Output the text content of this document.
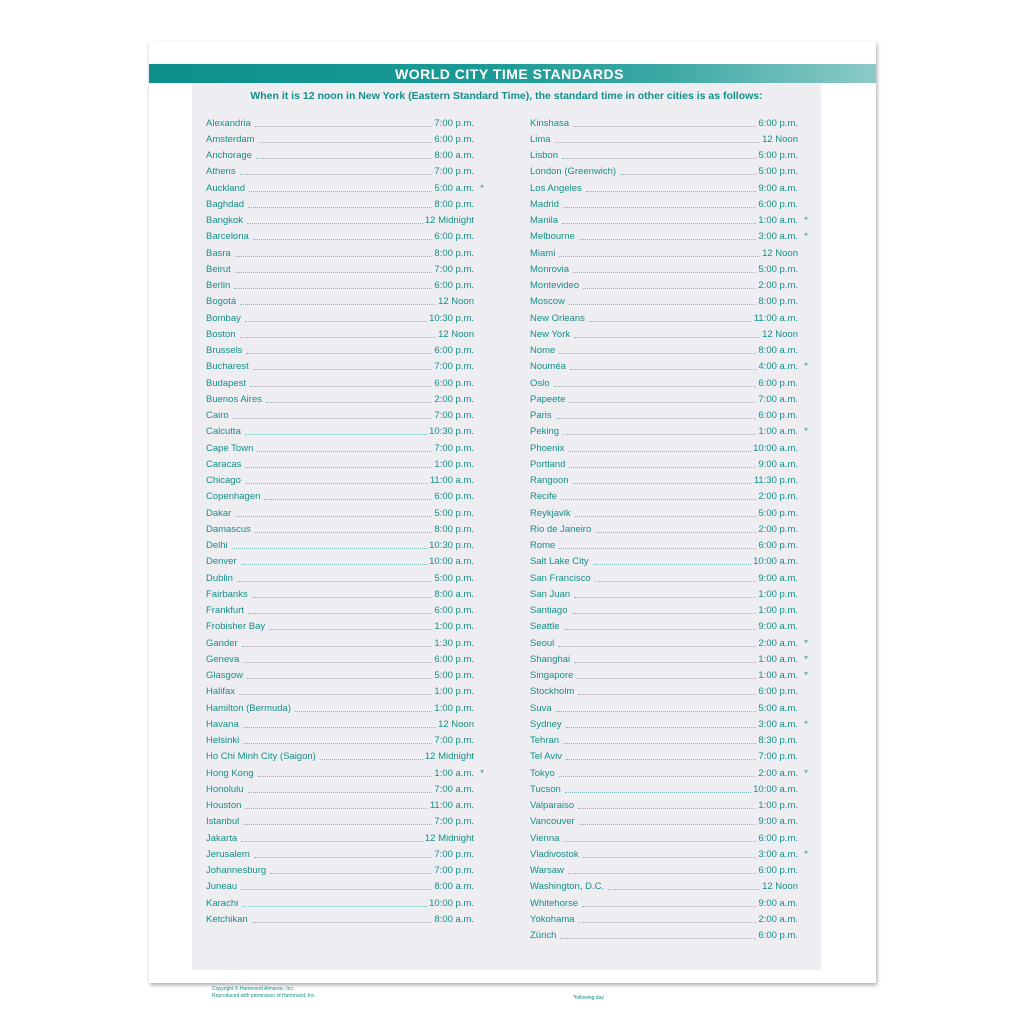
WORLD CITY TIME STANDARDS
When it is 12 noon in New York (Eastern Standard Time), the standard time in other cities is as follows:
Alexandria	7:00 p.m.
Amsterdam	6:00 p.m.
Anchorage	8:00 a.m.
Athens	7:00 p.m.
Auckland	5:00 a.m. *
Baghdad	8:00 p.m.
Bangkok	12 Midnight
Barcelona	6:00 p.m.
Basra	8:00 p.m.
Beirut	7:00 p.m.
Berlin	6:00 p.m.
Bogotá	12 Noon
Bombay	10:30 p.m.
Boston	12 Noon
Brussels	6:00 p.m.
Bucharest	7:00 p.m.
Budapest	6:00 p.m.
Buenos Aires	2:00 p.m.
Cairo	7:00 p.m.
Calcutta	10:30 p.m.
Cape Town	7:00 p.m.
Caracas	1:00 p.m.
Chicago	11:00 a.m.
Copenhagen	6:00 p.m.
Dakar	5:00 p.m.
Damascus	8:00 p.m.
Delhi	10:30 p.m.
Denver	10:00 a.m.
Dublin	5:00 p.m.
Fairbanks	8:00 a.m.
Frankfurt	6:00 p.m.
Frobisher Bay	1:00 p.m.
Gander	1:30 p.m.
Geneva	6:00 p.m.
Glasgow	5:00 p.m.
Halifax	1:00 p.m.
Hamilton (Bermuda)	1:00 p.m.
Havana	12 Noon
Helsinki	7:00 p.m.
Ho Chi Minh City (Saigon)	12 Midnight
Hong Kong	1:00 a.m. *
Honolulu	7:00 a.m.
Houston	11:00 a.m.
Istanbul	7:00 p.m.
Jakarta	12 Midnight
Jerusalem	7:00 p.m.
Johannesburg	7:00 p.m.
Juneau	8:00 a.m.
Karachi	10:00 p.m.
Ketchikan	8:00 a.m.
Kinshasa	6:00 p.m.
Lima	12 Noon
Lisbon	5:00 p.m.
London (Greenwich)	5:00 p.m.
Los Angeles	9:00 a.m.
Madrid	6:00 p.m.
Manila	1:00 a.m. *
Melbourne	3:00 a.m. *
Miami	12 Noon
Monrovia	5:00 p.m.
Montevideo	2:00 p.m.
Moscow	8:00 p.m.
New Orleans	11:00 a.m.
New York	12 Noon
Nome	8:00 a.m.
Nouméa	4:00 a.m. *
Oslo	6:00 p.m.
Papeete	7:00 a.m.
Paris	6:00 p.m.
Peking	1:00 a.m. *
Phoenix	10:00 a.m.
Portland	9:00 a.m.
Rangoon	11:30 p.m.
Recife	2:00 p.m.
Reykjavik	5:00 p.m.
Rio de Janeiro	2:00 p.m.
Rome	6:00 p.m.
Salt Lake City	10:00 a.m.
San Francisco	9:00 a.m.
San Juan	1:00 p.m.
Santiago	1:00 p.m.
Seattle	9:00 a.m.
Seoul	2:00 a.m. *
Shanghai	1:00 a.m. *
Singapore	1:00 a.m. *
Stockholm	6:00 p.m.
Suva	5:00 a.m.
Sydney	3:00 a.m. *
Tehran	8:30 p.m.
Tel Aviv	7:00 p.m.
Tokyo	2:00 a.m. *
Tucson	10:00 a.m.
Valparaiso	1:00 p.m.
Vancouver	9:00 a.m.
Vienna	6:00 p.m.
Vladivostok	3:00 a.m. *
Warsaw	6:00 p.m.
Washington, D.C.	12 Noon
Whitehorse	9:00 a.m.
Yokohama	2:00 a.m.
Zürich	6:00 p.m.
Copyright © Hammond Almanac, Inc.
Reproduced with permission of Hammond, Inc.	*following day
